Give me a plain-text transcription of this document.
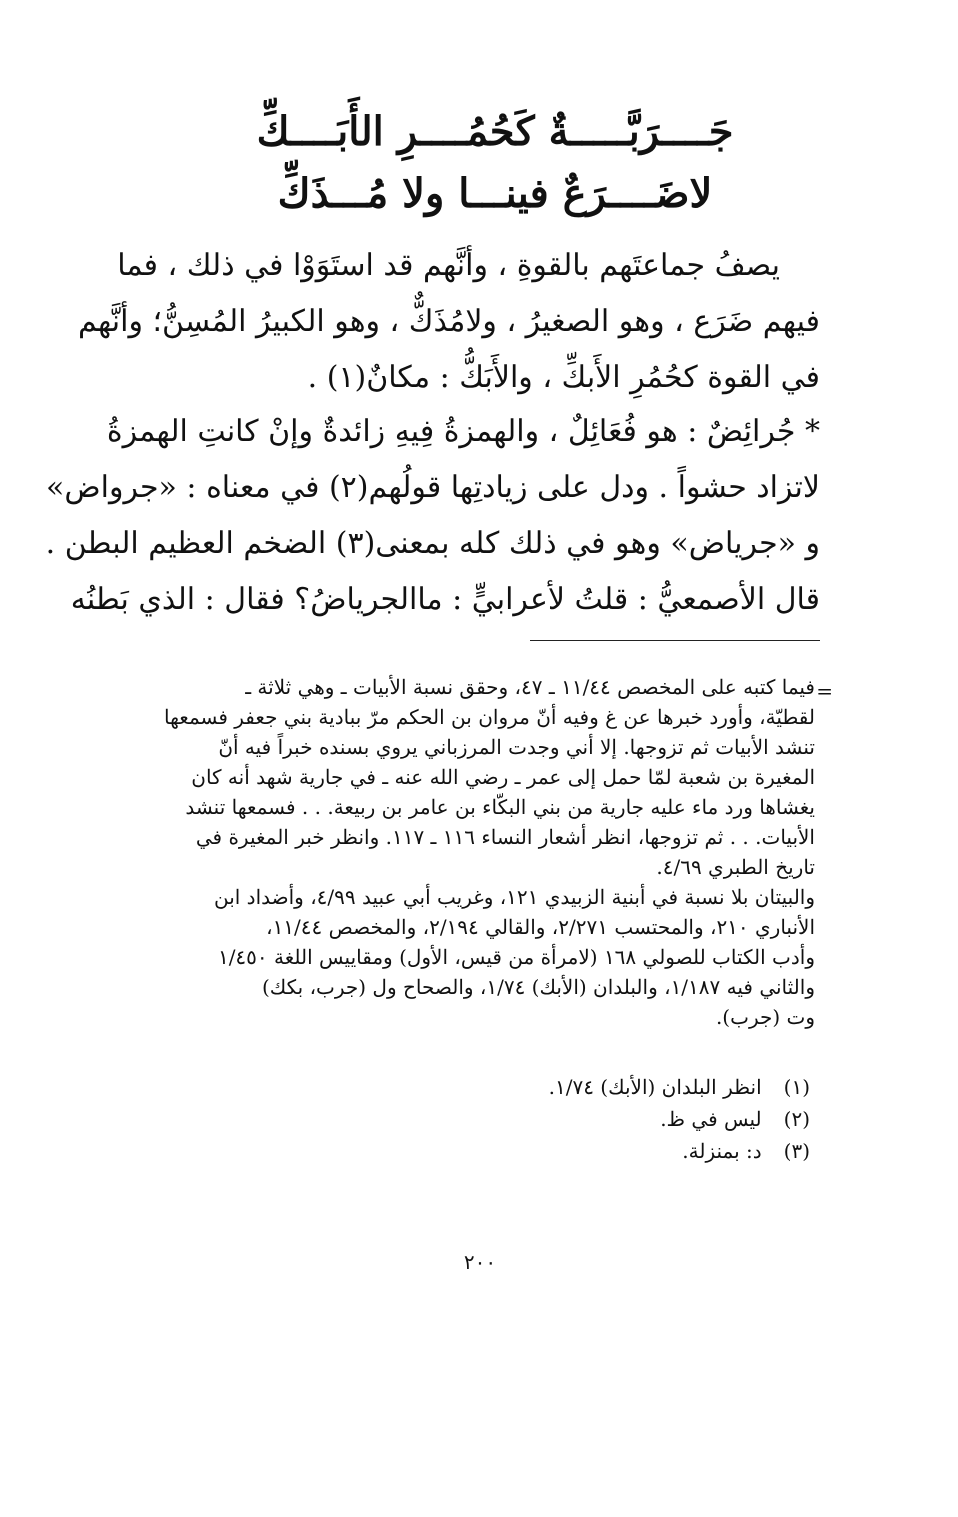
جَــــرَبَّـــــةٌ كَحُمُــــرِ الأَبَــــكِّ
لاضَــــرَعٌ فينـــا ولا مُـــذَكِّ
يصفُ جماعتَهم بالقوةِ ، وأنَّهم قد استَوَوْا في ذلك ، فما
فيهم ضَرَع ، وهو الصغيرُ ، ولامُذَكٌّ ، وهو الكبيرُ المُسِنُّ؛ وأنَّهم
في القوة كحُمُرِ الأَبكِّ ، والأَبَكُّ : مكانٌ(١) .
* جُرائِضٌ : هو فُعَائِلٌ ، والهمزةُ فِيهِ زائدةٌ وإنْ كانتِ الهمزةُ
لاتزاد حشواً . ودل على زيادتِها قولُهم(٢) في معناه : «جرواض»
و «جرياض» وهو في ذلك كله بمعنى(٣) الضخم العظيم البطن .
قال الأصمعيُّ : قلتُ لأعرابيٍّ : ماالجرياضُ؟ فقال : الذي بَطنُه
=
فيما كتبه على المخصص ١١/٤٤ ـ ٤٧، وحقق نسبة الأبيات ـ وهي ثلاثة ـ
لقطيّة، وأورد خبرها عن غ وفيه أنّ مروان بن الحكم مرّ ببادية بني جعفر فسمعها
تنشد الأبيات ثم تزوجها. إلا أني وجدت المرزباني يروي بسنده خبراً فيه أنّ
المغيرة بن شعبة لمّا حمل إلى عمر ـ رضي الله عنه ـ في جارية شهد أنه كان
يغشاها ورد ماء عليه جارية من بني البكّاء بن عامر بن ربيعة. . . فسمعها تنشد
الأبيات. . . ثم تزوجها، انظر أشعار النساء ١١٦ ـ ١١٧. وانظر خبر المغيرة في
تاريخ الطبري ٤/٦٩.
والبيتان بلا نسبة في أبنية الزبيدي ١٢١، وغريب أبي عبيد ٤/٩٩، وأضداد ابن
الأنباري ٢١٠، والمحتسب ٢/٢٧١، والقالي ٢/١٩٤، والمخصص ١١/٤٤،
وأدب الكتاب للصولي ١٦٨ (لامرأة من قيس، الأول) ومقاييس اللغة ١/٤٥٠
والثاني فيه ١/١٨٧، والبلدان (الأبك) ١/٧٤، والصحاح ول (جرب، بكك)
وت (جرب).
(١) انظر البلدان (الأبك) ١/٧٤.
(٢) ليس في ظ.
(٣) د: بمنزلة.
٢٠٠
